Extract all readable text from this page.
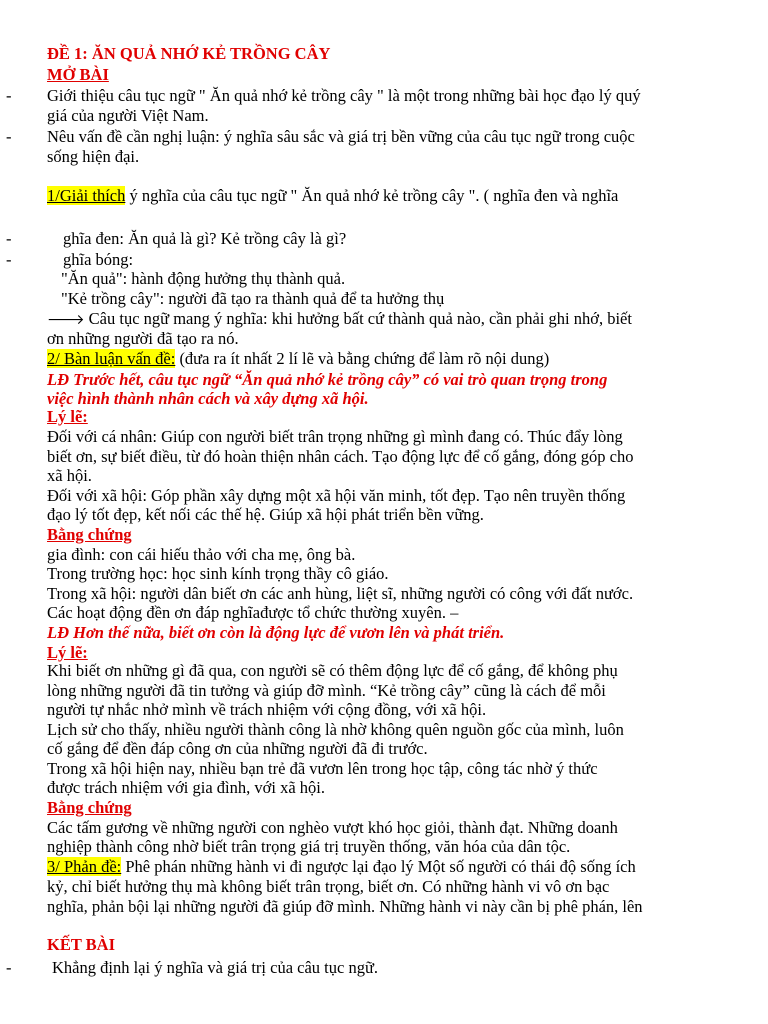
ĐỀ 1: ĂN QUẢ NHỚ KẺ TRỒNG CÂY
MỞ BÀI
- Giới thiệu câu tục ngữ " Ăn quả nhớ kẻ trồng cây " là một trong những bài học đạo lý quý
giá của người Việt Nam.
- Nêu vấn đề cần nghị luận: ý nghĩa sâu sắc và giá trị bền vững của câu tục ngữ trong cuộc
sống hiện đại.
1/Giải thích ý nghĩa của câu tục ngữ " Ăn quả nhớ kẻ trồng cây ". ( nghĩa đen và nghĩa
-	ghĩa đen: Ăn quả là gì? Kẻ trồng cây là gì?
-	ghĩa bóng:
"Ăn quả": hành động hưởng thụ thành quả.
"Kẻ trồng cây": người đã tạo ra thành quả để ta hưởng thụ
🡒 Câu tục ngữ mang ý nghĩa: khi hưởng bất cứ thành quả nào, cần phải ghi nhớ, biết
ơn những người đã tạo ra nó.
2/ Bàn luận vấn đề: (đưa ra ít nhất 2 lí lẽ và bằng chứng để làm rõ nội dung)
LĐ Trước hết, câu tục ngữ “Ăn quả nhớ kẻ trồng cây” có vai trò quan trọng trong
việc hình thành nhân cách và xây dựng xã hội.
Lý lẽ:
Đối với cá nhân: Giúp con người biết trân trọng những gì mình đang có. Thúc đẩy lòng
biết ơn, sự biết điều, từ đó hoàn thiện nhân cách. Tạo động lực để cố gắng, đóng góp cho
xã hội.
Đối với xã hội: Góp phần xây dựng một xã hội văn minh, tốt đẹp. Tạo nên truyền thống
đạo lý tốt đẹp, kết nối các thế hệ. Giúp xã hội phát triển bền vững.
Bằng chứng
gia đình: con cái hiếu thảo với cha mẹ, ông bà.
Trong trường học: học sinh kính trọng thầy cô giáo.
Trong xã hội: người dân biết ơn các anh hùng, liệt sĩ, những người có công với đất nước.
Các hoạt động đền ơn đáp nghĩađược tổ chức thường xuyên. –
LĐ Hơn thế nữa, biết ơn còn là động lực để vươn lên và phát triển.
Lý lẽ:
Khi biết ơn những gì đã qua, con người sẽ có thêm động lực để cố gắng, để không phụ
lòng những người đã tin tưởng và giúp đỡ mình. “Kẻ trồng cây” cũng là cách để mỗi
người tự nhắc nhở mình về trách nhiệm với cộng đồng, với xã hội.
Lịch sử cho thấy, nhiều người thành công là nhờ không quên nguồn gốc của mình, luôn
cố gắng để đền đáp công ơn của những người đã đi trước.
Trong xã hội hiện nay, nhiều bạn trẻ đã vươn lên trong học tập, công tác nhờ ý thức
được trách nhiệm với gia đình, với xã hội.
Bằng chứng
Các tấm gương về những người con nghèo vượt khó học giỏi, thành đạt. Những doanh
nghiệp thành công nhờ biết trân trọng giá trị truyền thống, văn hóa của dân tộc.
3/ Phản đề: Phê phán những hành vi đi ngược lại đạo lý Một số người có thái độ sống ích
kỷ, chỉ biết hưởng thụ mà không biết trân trọng, biết ơn. Có những hành vi vô ơn bạc
nghĩa, phản bội lại những người đã giúp đỡ mình. Những hành vi này cần bị phê phán, lên
KẾT BÀI
- Khẳng định lại ý nghĩa và giá trị của câu tục ngữ.
